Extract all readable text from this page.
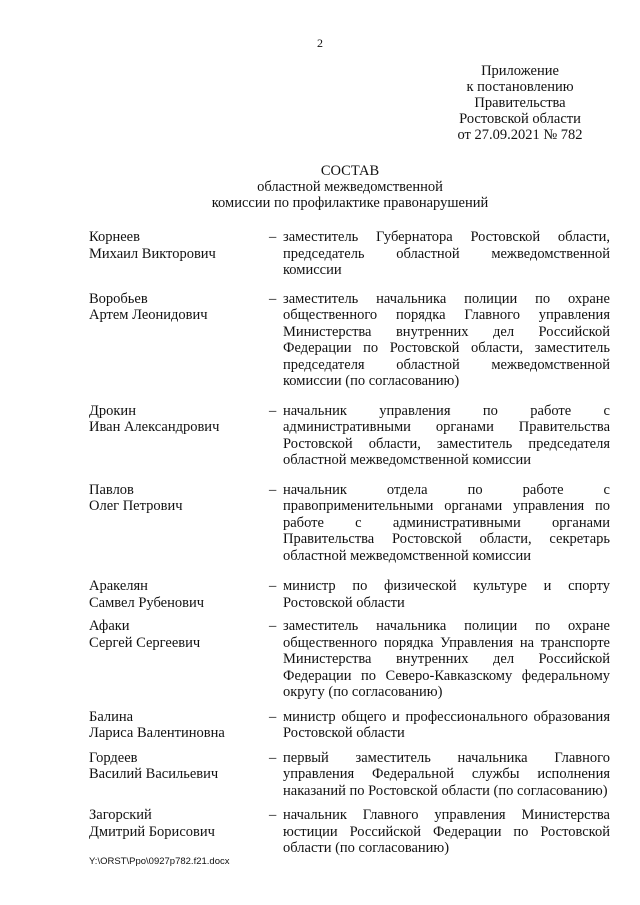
2
Приложение
к постановлению
Правительства
Ростовской области
от 27.09.2021 № 782
СОСТАВ
областной межведомственной
комиссии по профилактике правонарушений
Корнеев
Михаил Викторович
– заместитель Губернатора Ростовской области, председатель областной межведомственной комиссии
Воробьев
Артем Леонидович
– заместитель начальника полиции по охране общественного порядка Главного управления Министерства внутренних дел Российской Федерации по Ростовской области, заместитель председателя областной межведомственной комиссии (по согласованию)
Дрокин
Иван Александрович
– начальник управления по работе с административными органами Правительства Ростовской области, заместитель председателя областной межведомственной комиссии
Павлов
Олег Петрович
– начальник отдела по работе с правоприменительными органами управления по работе с административными органами Правительства Ростовской области, секретарь областной межведомственной комиссии
Аракелян
Самвел Рубенович
– министр по физической культуре и спорту Ростовской области
Афаки
Сергей Сергеевич
– заместитель начальника полиции по охране общественного порядка Управления на транспорте Министерства внутренних дел Российской Федерации по Северо-Кавказскому федеральному округу (по согласованию)
Балина
Лариса Валентиновна
– министр общего и профессионального образования Ростовской области
Гордеев
Василий Васильевич
– первый заместитель начальника Главного управления Федеральной службы исполнения наказаний по Ростовской области (по согласованию)
Загорский
Дмитрий Борисович
– начальник Главного управления Министерства юстиции Российской Федерации по Ростовской области (по согласованию)
Y:\ORST\Ppo\0927p782.f21.docx
